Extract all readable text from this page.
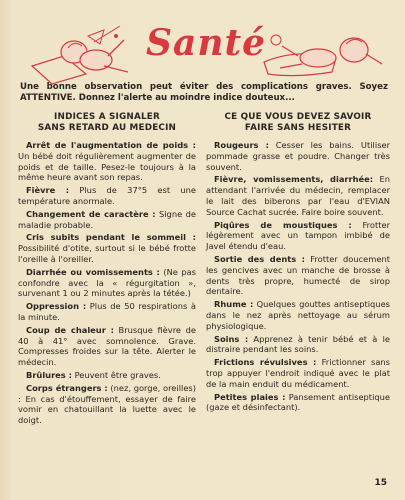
Santé
Une bonne observation peut éviter des complications graves. Soyez ATTENTIVE. Donnez l'alerte au moindre indice douteux...
INDICES A SIGNALER
SANS RETARD AU MEDECIN

Arrêt de l'augmentation de poids : Un bébé doit régulièrement augmenter de poids et de taille. Pesez-le toujours à la même heure avant son repas.

Fièvre : Plus de 37°5 est une température anormale.

Changement de caractère : Signe de maladie probable.

Cris subits pendant le sommeil : Possibilité d'otite, surtout si le bébé frotte l'oreille à l'oreiller.

Diarrhée ou vomissements : (Ne pas confondre avec la « régurgitation », survenant 1 ou 2 minutes après la tétée.)

Oppression : Plus de 50 respirations à la minute.

Coup de chaleur : Brusque fièvre de 40 à 41° avec somnolence. Grave. Compresses froides sur la tête. Alerter le médecin.

Brûlures : Peuvent être graves.

Corps étrangers : (nez, gorge, oreilles) : En cas d'étouffement, essayer de faire vomir en chatouillant la luette avec le doigt.

CE QUE VOUS DEVEZ SAVOIR
FAIRE SANS HESITER

Rougeurs : Cesser les bains. Utiliser pommade grasse et poudre. Changer très souvent.

Fièvre, vomissements, diarrhée: En attendant l'arrivée du médecin, remplacer le lait des biberons par l'eau d'EVIAN Source Cachat sucrée. Faire boire souvent.

Piqûres de moustiques : Frotter légèrement avec un tampon imbibé de Javel étendu d'eau.

Sortie des dents : Frotter doucement les gencives avec un manche de brosse à dents très propre, humecté de sirop dentaire.

Rhume : Quelques gouttes antiseptiques dans le nez après nettoyage au sérum physiologique.

Soins : Apprenez à tenir bébé et à le distraire pendant les soins.

Frictions révulsives : Frictionner sans trop appuyer l'endroit indiqué avec le plat de la main enduit du médicament.

Petites plaies : Pansement antiseptique (gaze et désinfectant).

15
